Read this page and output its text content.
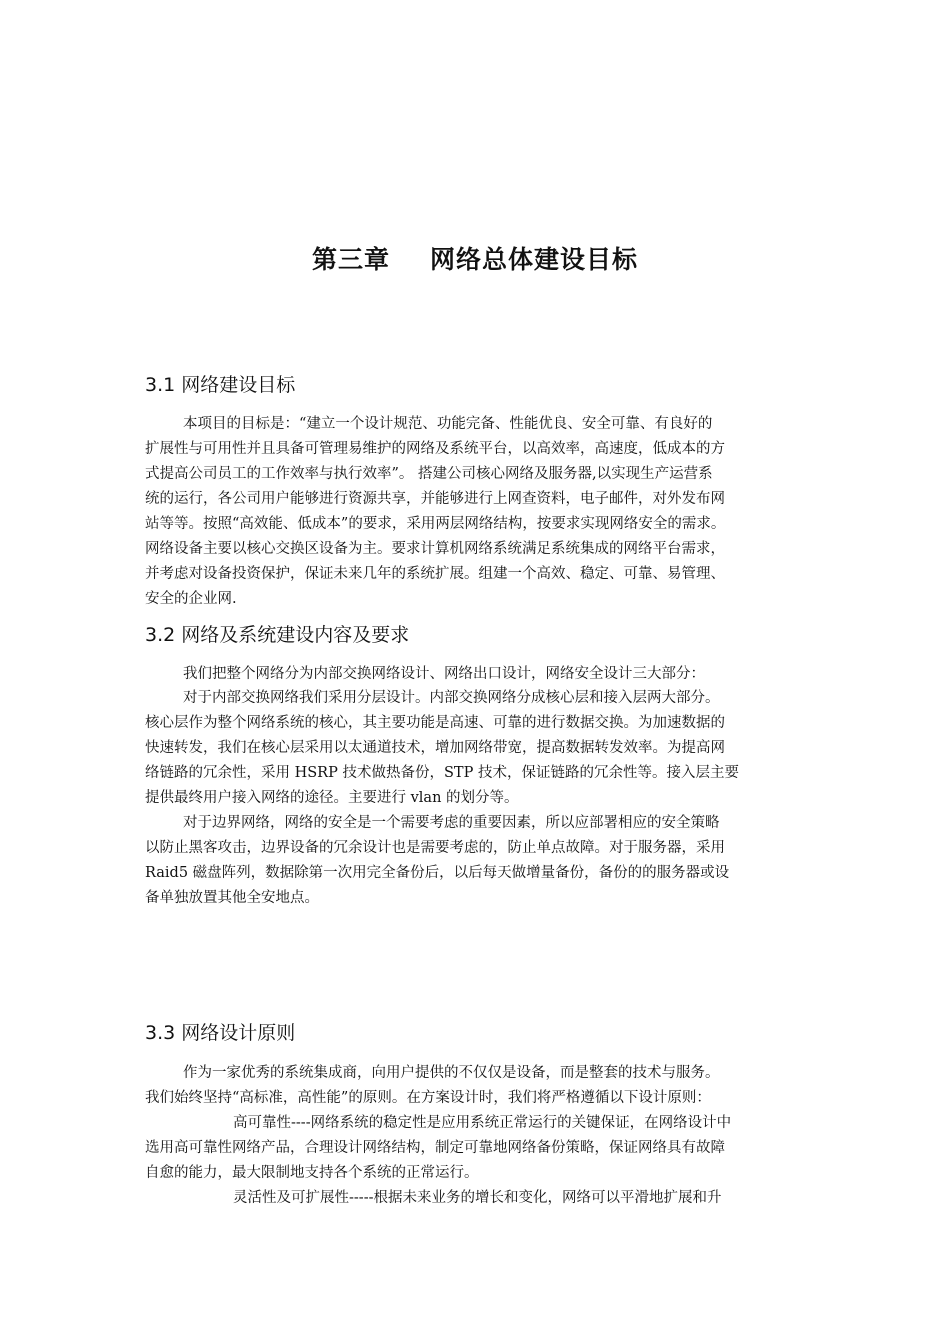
第三章 网络总体建设目标
3.1 网络建设目标
本项目的目标是：“建立一个设计规范、功能完备、性能优良、安全可靠、有良好的
扩展性与可用性并且具备可管理易维护的网络及系统平台，以高效率，高速度，低成本的方
式提高公司员工的工作效率与执行效率”。 搭建公司核心网络及服务器,以实现生产运营系
统的运行，各公司用户能够进行资源共享，并能够进行上网查资料，电子邮件，对外发布网
站等等。按照“高效能、低成本”的要求，采用两层网络结构，按要求实现网络安全的需求。
网络设备主要以核心交换区设备为主。要求计算机网络系统满足系统集成的网络平台需求，
并考虑对设备投资保护，保证未来几年的系统扩展。组建一个高效、稳定、可靠、易管理、
安全的企业网.
3.2 网络及系统建设内容及要求
我们把整个网络分为内部交换网络设计、网络出口设计，网络安全设计三大部分：
对于内部交换网络我们采用分层设计。内部交换网络分成核心层和接入层两大部分。
核心层作为整个网络系统的核心，其主要功能是高速、可靠的进行数据交换。为加速数据的
快速转发，我们在核心层采用以太通道技术，增加网络带宽，提高数据转发效率。为提高网
络链路的冗余性，采用 HSRP 技术做热备份，STP 技术，保证链路的冗余性等。接入层主要
提供最终用户接入网络的途径。主要进行 vlan 的划分等。
对于边界网络，网络的安全是一个需要考虑的重要因素，所以应部署相应的安全策略
以防止黑客攻击，边界设备的冗余设计也是需要考虑的，防止单点故障。对于服务器，采用
Raid5 磁盘阵列，数据除第一次用完全备份后，以后每天做增量备份，备份的的服务器或设
备单独放置其他全安地点。
3.3 网络设计原则
作为一家优秀的系统集成商，向用户提供的不仅仅是设备，而是整套的技术与服务。
我们始终坚持“高标准，高性能”的原则。在方案设计时，我们将严格遵循以下设计原则：
高可靠性----网络系统的稳定性是应用系统正常运行的关键保证，在网络设计中
选用高可靠性网络产品，合理设计网络结构，制定可靠地网络备份策略，保证网络具有故障
自愈的能力，最大限制地支持各个系统的正常运行。
灵活性及可扩展性-----根据未来业务的增长和变化，网络可以平滑地扩展和升
